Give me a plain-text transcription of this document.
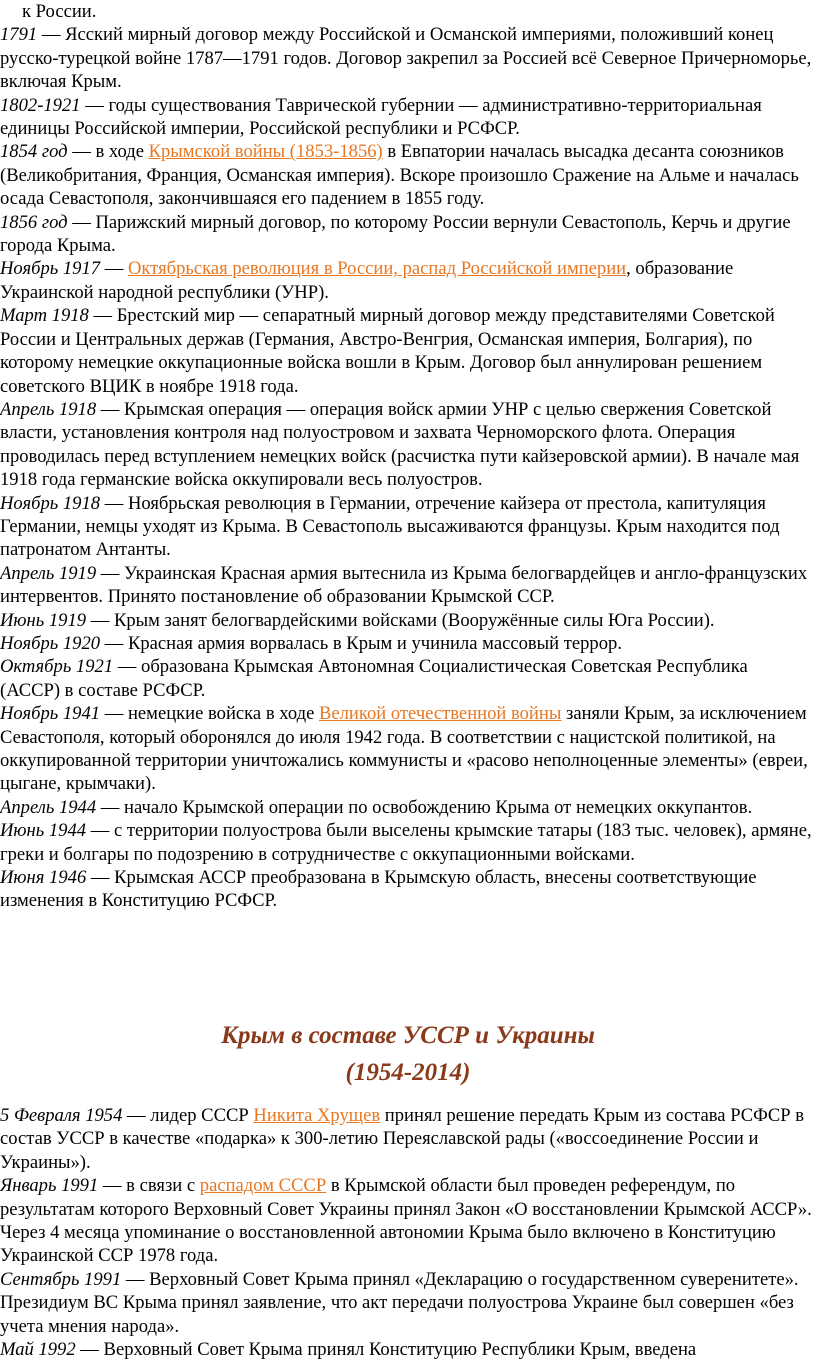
к России.

1791 — Ясский мирный договор между Российской и Османской империями, положивший конец русско-турецкой войне 1787—1791 годов. Договор закрепил за Россией всё Северное Причерноморье, включая Крым.

1802-1921 — годы существования Таврической губернии — административно-территориальная единицы Российской империи, Российской республики и РСФСР.

1854 год — в ходе Крымской войны (1853-1856) в Евпатории началась высадка десанта союзников (Великобритания, Франция, Османская империя). Вскоре произошло Сражение на Альме и началась осада Севастополя, закончившаяся его падением в 1855 году.

1856 год — Парижский мирный договор, по которому России вернули Севастополь, Керчь и другие города Крыма.

Ноябрь 1917 — Октябрьская революция в России, распад Российской империи, образование Украинской народной республики (УНР).

Март 1918 — Брестский мир — сепаратный мирный договор между представителями Советской России и Центральных держав (Германия, Австро-Венгрия, Османская империя, Болгария), по которому немецкие оккупационные войска вошли в Крым. Договор был аннулирован решением советского ВЦИК в ноябре 1918 года.

Апрель 1918 — Крымская операция — операция войск армии УНР с целью свержения Советской власти, установления контроля над полуостровом и захвата Черноморского флота. Операция проводилась перед вступлением немецких войск (расчистка пути кайзеровской армии). В начале мая 1918 года германские войска оккупировали весь полуостров.

Ноябрь 1918 — Ноябрьская революция в Германии, отречение кайзера от престола, капитуляция Германии, немцы уходят из Крыма. В Севастополь высаживаются французы. Крым находится под патронатом Антанты.

Апрель 1919 — Украинская Красная армия вытеснила из Крыма белогвардейцев и англо-французских интервентов. Принято постановление об образовании Крымской ССР.

Июнь 1919 — Крым занят белогвардейскими войсками (Вооружённые силы Юга России).

Ноябрь 1920 — Красная армия ворвалась в Крым и учинила массовый террор.

Октябрь 1921 — образована Крымская Автономная Социалистическая Советская Республика (АССР) в составе РСФСР.

Ноябрь 1941 — немецкие войска в ходе Великой отечественной войны заняли Крым, за исключением Севастополя, который оборонялся до июля 1942 года. В соответствии с нацистской политикой, на оккупированной территории уничтожались коммунисты и «расово неполноценные элементы» (евреи, цыгане, крымчаки).

Апрель 1944 — начало Крымской операции по освобождению Крыма от немецких оккупантов.

Июнь 1944 — с территории полуострова были выселены крымские татары (183 тыс. человек), армяне, греки и болгары по подозрению в сотрудничестве с оккупационными войсками.

Июня 1946 — Крымская АССР преобразована в Крымскую область, внесены соответствующие изменения в Конституцию РСФСР.

Крым в составе УССР и Украины
(1954-2014)

5 Февраля 1954 — лидер СССР Никита Хрущев принял решение передать Крым из состава РСФСР в состав УССР в качестве «подарка» к 300-летию Переяславской рады («воссоединение России и Украины»).

Январь 1991 — в связи с распадом СССР в Крымской области был проведен референдум, по результатам которого Верховный Совет Украины принял Закон «О восстановлении Крымской АССР». Через 4 месяца упоминание о восстановленной автономии Крыма было включено в Конституцию Украинской ССР 1978 года.

Сентябрь 1991 — Верховный Совет Крыма принял «Декларацию о государственном суверенитете». Президиум ВС Крыма принял заявление, что акт передачи полуострова Украине был совершен «без учета мнения народа».

Май 1992 — Верховный Совет Крыма принял Конституцию Республики Крым, введена
